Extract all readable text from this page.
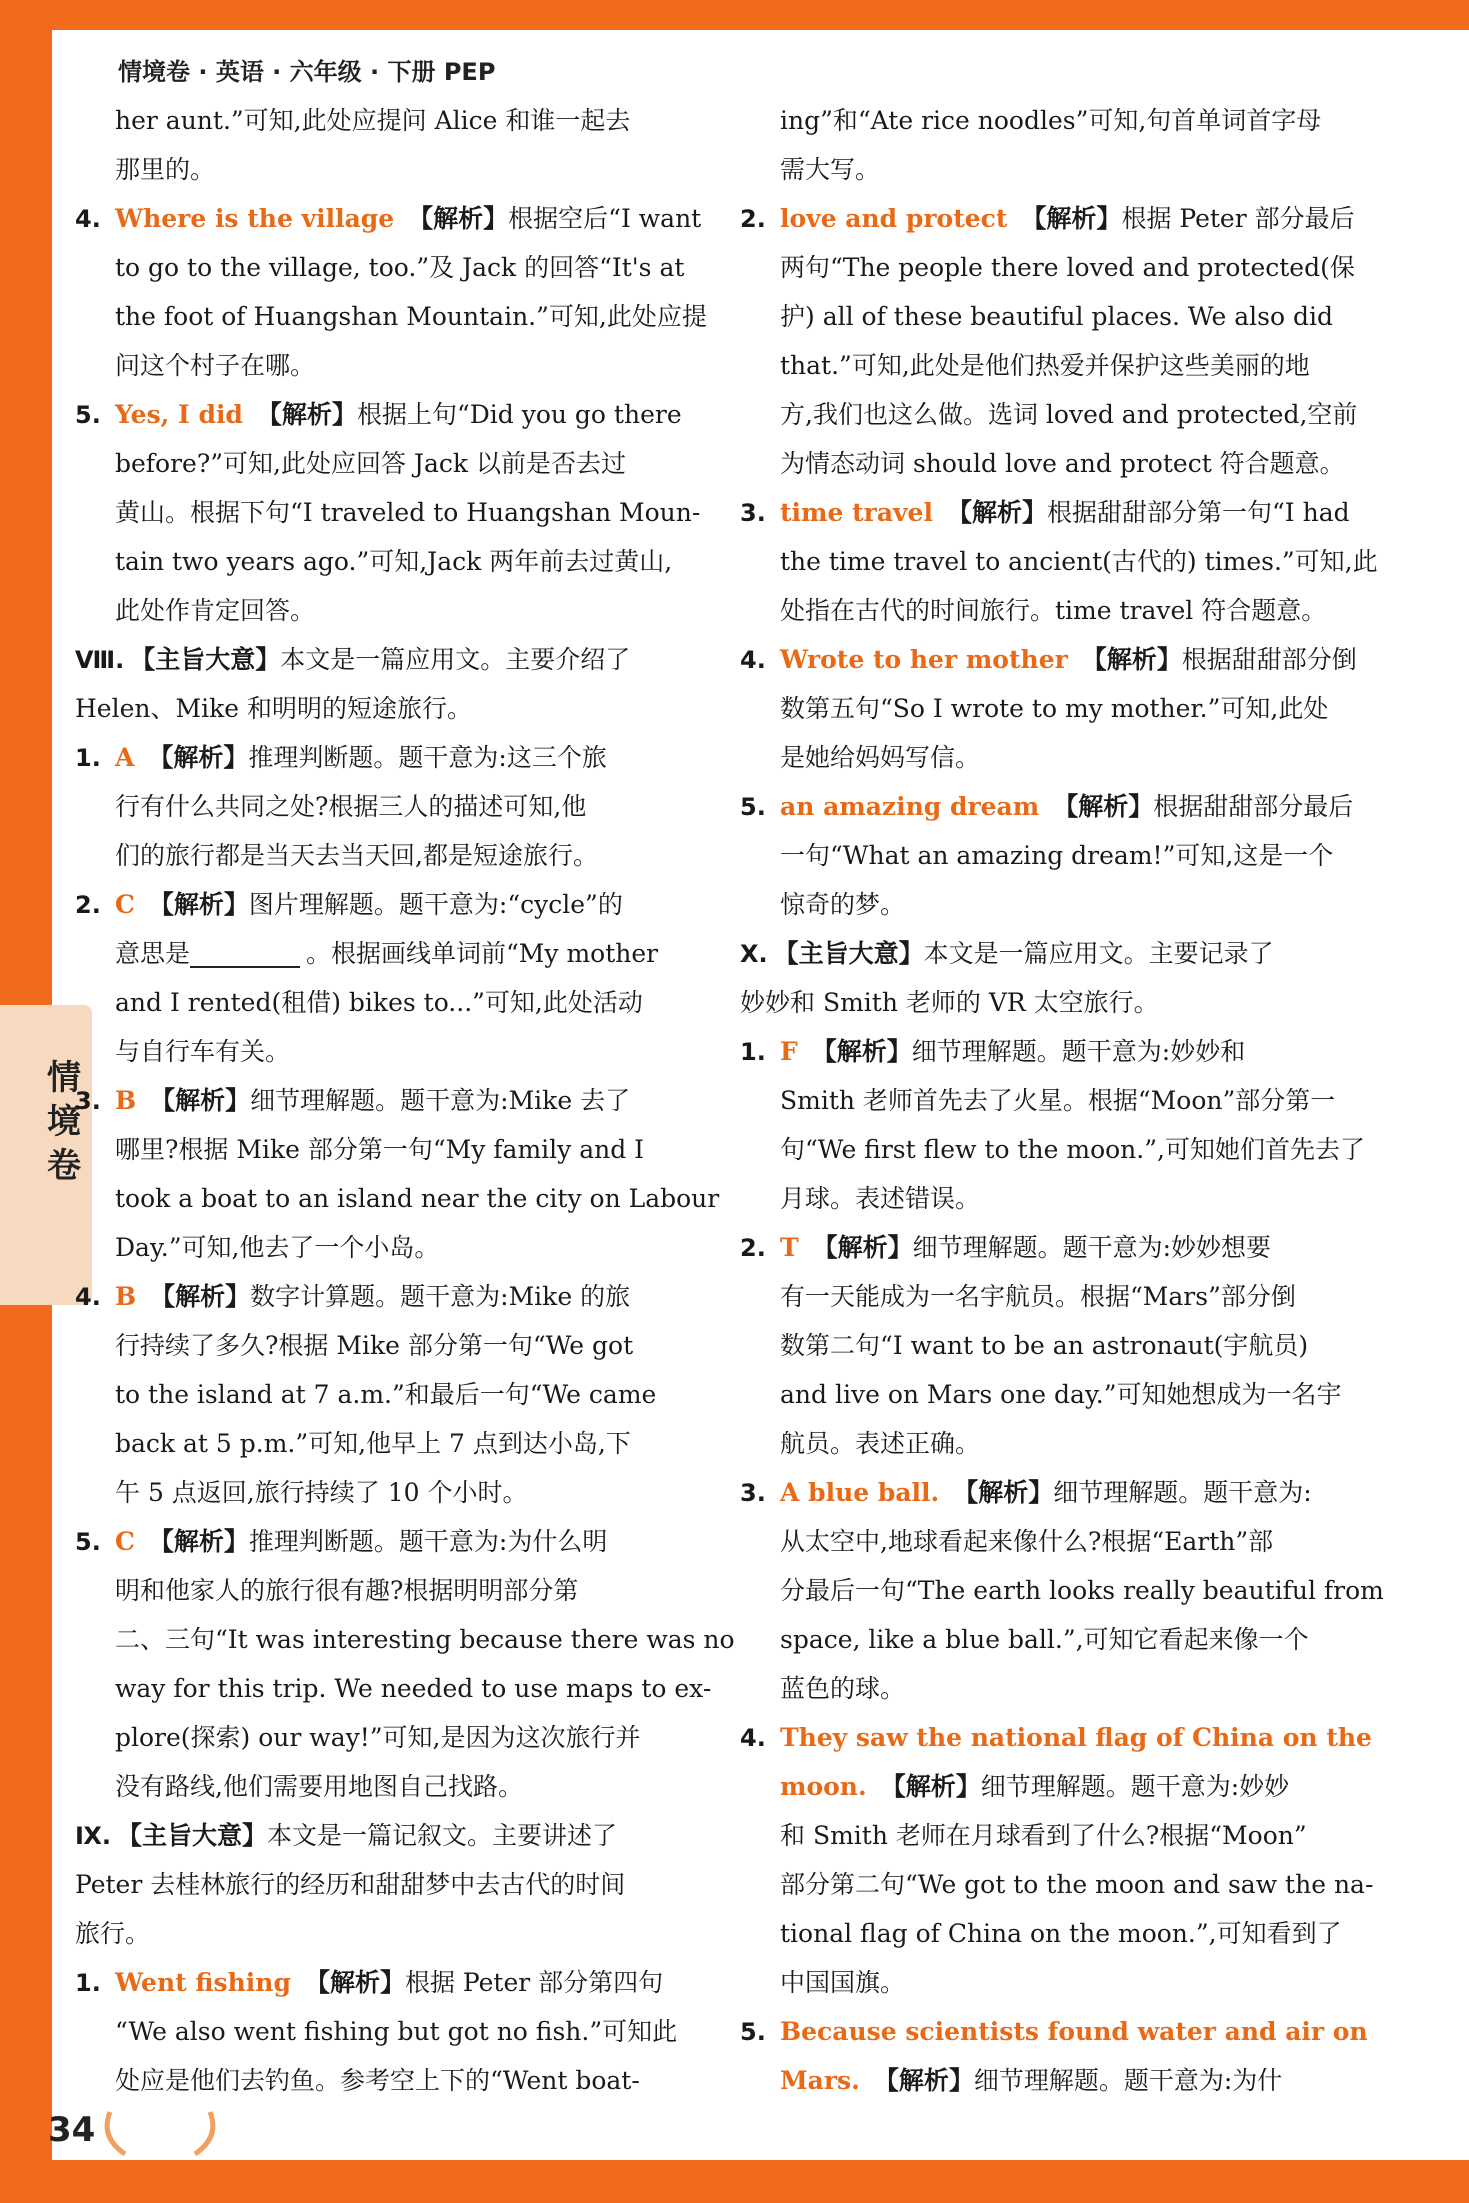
情境卷 · 英语 · 六年级 · 下册 PEP
情境卷
her aunt.”可知,此处应提问 Alice 和谁一起去
那里的。
4. Where is the village 【解析】根据空后“I want
to go to the village, too.”及 Jack 的回答“It's at
the foot of Huangshan Mountain.”可知,此处应提
问这个村子在哪。
5. Yes, I did 【解析】根据上句“Did you go there
before?”可知,此处应回答 Jack 以前是否去过
黄山。根据下句“I traveled to Huangshan Moun-
tain two years ago.”可知,Jack 两年前去过黄山,
此处作肯定回答。
Ⅷ. 【主旨大意】本文是一篇应用文。主要介绍了
Helen、Mike 和明明的短途旅行。
1. A 【解析】推理判断题。题干意为:这三个旅
行有什么共同之处?根据三人的描述可知,他
们的旅行都是当天去当天回,都是短途旅行。
2. C 【解析】图片理解题。题干意为:“cycle”的
意思是	。根据画线单词前“My mother
and I rented(租借) bikes to...”可知,此处活动
与自行车有关。
3. B 【解析】细节理解题。题干意为:Mike 去了
哪里?根据 Mike 部分第一句“My family and I
took a boat to an island near the city on Labour
Day.”可知,他去了一个小岛。
4. B 【解析】数字计算题。题干意为:Mike 的旅
行持续了多久?根据 Mike 部分第一句“We got
to the island at 7 a.m.”和最后一句“We came
back at 5 p.m.”可知,他早上 7 点到达小岛,下
午 5 点返回,旅行持续了 10 个小时。
5. C 【解析】推理判断题。题干意为:为什么明
明和他家人的旅行很有趣?根据明明部分第
二、三句“It was interesting because there was no
way for this trip. We needed to use maps to ex-
plore(探索) our way!”可知,是因为这次旅行并
没有路线,他们需要用地图自己找路。
Ⅸ. 【主旨大意】本文是一篇记叙文。主要讲述了
Peter 去桂林旅行的经历和甜甜梦中去古代的时间
旅行。
1. Went fishing 【解析】根据 Peter 部分第四句
“We also went fishing but got no fish.”可知此
处应是他们去钓鱼。参考空上下的“Went boat-
ing”和“Ate rice noodles”可知,句首单词首字母
需大写。
2. love and protect 【解析】根据 Peter 部分最后
两句“The people there loved and protected(保
护) all of these beautiful places. We also did
that.”可知,此处是他们热爱并保护这些美丽的地
方,我们也这么做。选词 loved and protected,空前
为情态动词 should love and protect 符合题意。
3. time travel 【解析】根据甜甜部分第一句“I had
the time travel to ancient(古代的) times.”可知,此
处指在古代的时间旅行。time travel 符合题意。
4. Wrote to her mother 【解析】根据甜甜部分倒
数第五句“So I wrote to my mother.”可知,此处
是她给妈妈写信。
5. an amazing dream 【解析】根据甜甜部分最后
一句“What an amazing dream!”可知,这是一个
惊奇的梦。
Ⅹ. 【主旨大意】本文是一篇应用文。主要记录了
妙妙和 Smith 老师的 VR 太空旅行。
1. F 【解析】细节理解题。题干意为:妙妙和
Smith 老师首先去了火星。根据“Moon”部分第一
句“We first flew to the moon.”,可知她们首先去了
月球。表述错误。
2. T 【解析】细节理解题。题干意为:妙妙想要
有一天能成为一名宇航员。根据“Mars”部分倒
数第二句“I want to be an astronaut(宇航员)
and live on Mars one day.”可知她想成为一名宇
航员。表述正确。
3. A blue ball. 【解析】细节理解题。题干意为:
从太空中,地球看起来像什么?根据“Earth”部
分最后一句“The earth looks really beautiful from
space, like a blue ball.”,可知它看起来像一个
蓝色的球。
4. They saw the national flag of China on the
moon. 【解析】细节理解题。题干意为:妙妙
和 Smith 老师在月球看到了什么?根据“Moon”
部分第二句“We got to the moon and saw the na-
tional flag of China on the moon.”,可知看到了
中国国旗。
5. Because scientists found water and air on
Mars. 【解析】细节理解题。题干意为:为什
34
